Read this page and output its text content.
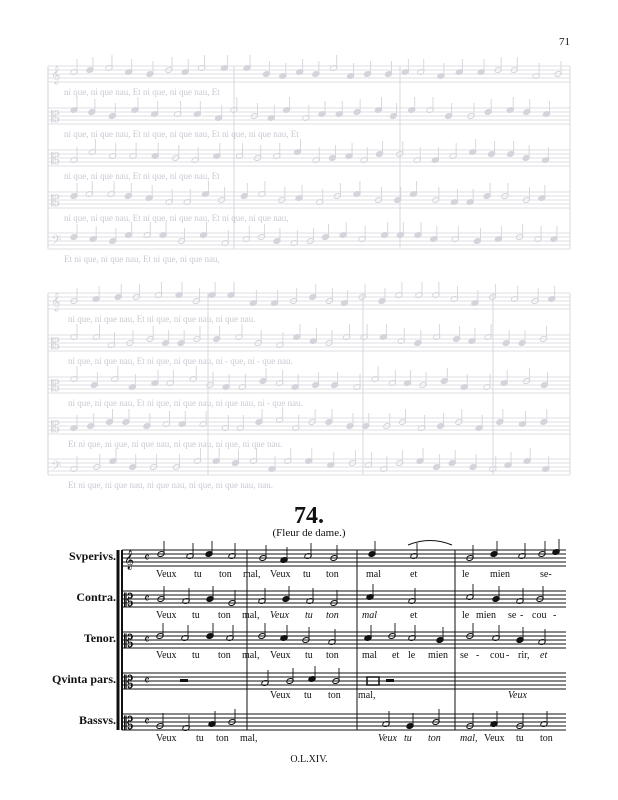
𝄞
𝄡
𝄡
𝄡
𝄢
𝄞
𝄡
𝄡
𝄡
𝄢
𝄞 𝄴
𝄡 𝄴
𝄡 𝄴
𝄡 𝄴
𝄡 𝄴
71
ni que, ni que nau, Et ni que, ni que nau, Et
ni que, ni que nau, Et ni que, ni que nau, Et ni que, ni que nau, Et
ni que, ni que nau, Et ni que, ni que nau, Et
ni que, ni que nau, Et ni que, ni que nau, Et ni que, ni que nau,
Et ni que, ni que nau, Et ni que, ni que nau,
ni que, ni que nau, Et ni que, ni que nau, ni que nau.
ni que, ni que nau, Et ni que, ni que nau, ni - que, ni - que nau.
ni que, ni que nau, Et ni que, ni que nau, ni que nau, ni - que nau.
Et ni que, ni que, ni que nau, ni que nau, ni que, ni que nau.
Et ni que, ni que nau, ni que nau, ni que, ni que nau, nau.
74.
(Fleur de dame.)
Svperivs.
Contra.
Tenor.
Qvinta pars.
Bassvs.
Veux tu ton mal, Veux tu ton	mal	et	le mien	se-
Veux tu ton mal, Veux tu ton mal	et	le mien se - cou -
Veux tu ton mal, Veux tu ton mal et le mien se - cou - rir, et
Veux tu ton mal,	Veux
Veux tu ton mal,	Veux tu ton mal, Veux tu ton
O.L.XIV.
